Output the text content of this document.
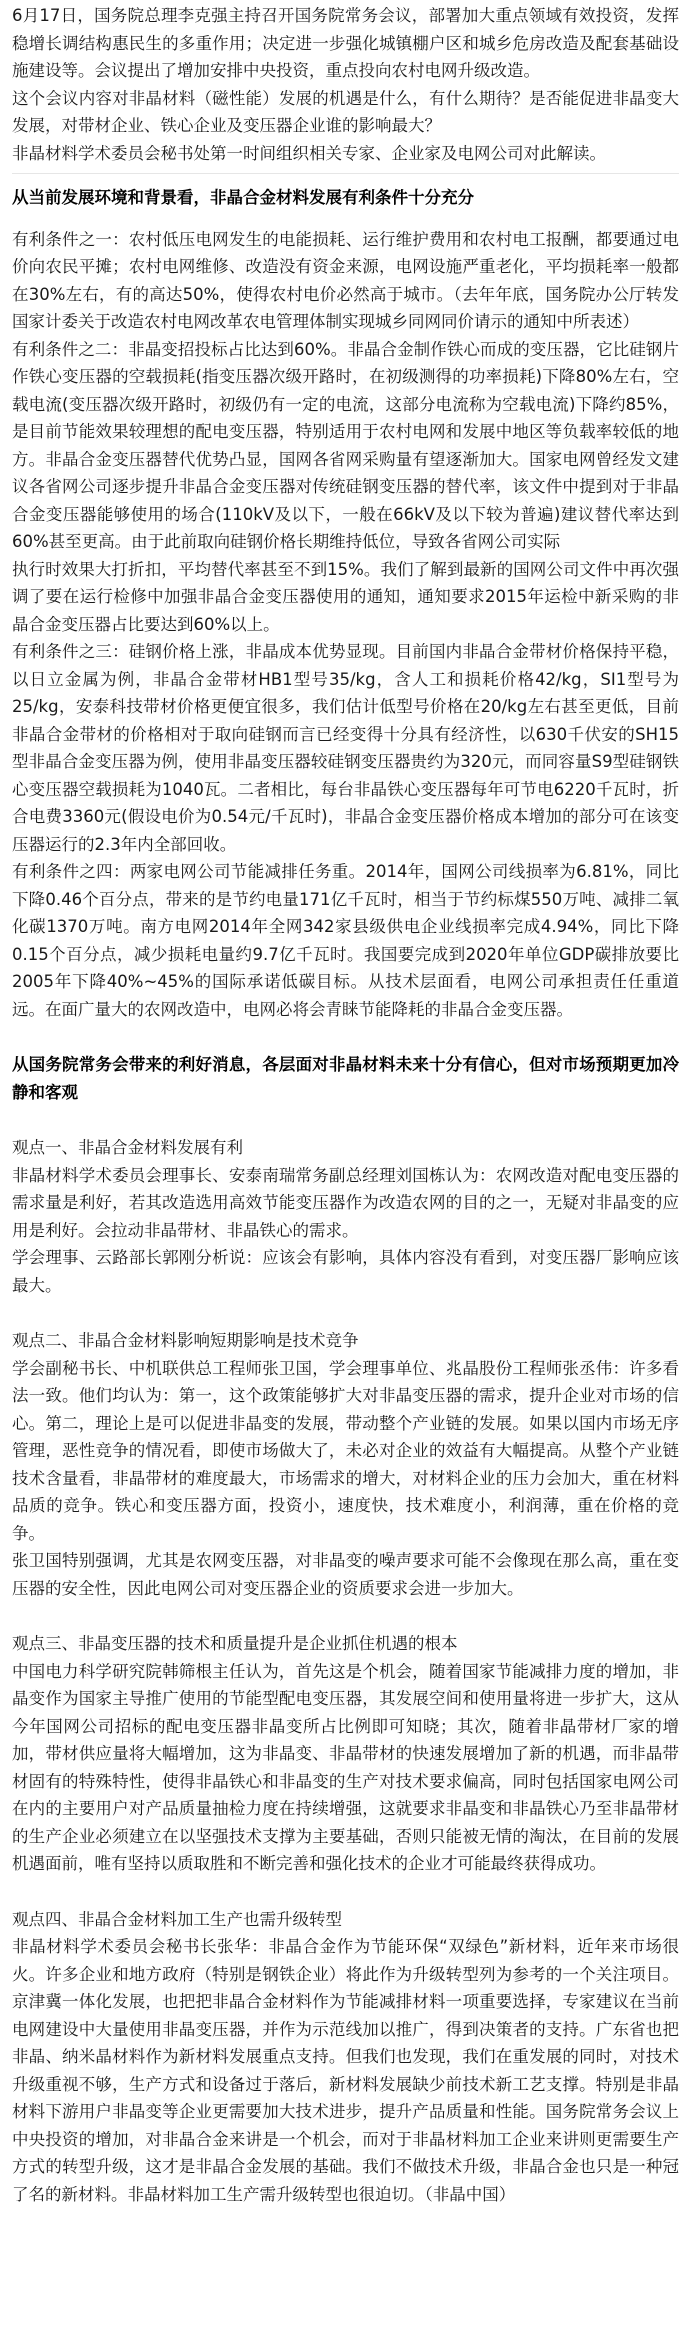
6月17日，国务院总理李克强主持召开国务院常务会议，部署加大重点领域有效投资，发挥稳增长调结构惠民生的多重作用；决定进一步强化城镇棚户区和城乡危房改造及配套基础设施建设等。会议提出了增加安排中央投资，重点投向农村电网升级改造。

这个会议内容对非晶材料（磁性能）发展的机遇是什么，有什么期待？是否能促进非晶变大发展，对带材企业、铁心企业及变压器企业谁的影响最大？

非晶材料学术委员会秘书处第一时间组织相关专家、企业家及电网公司对此解读。

从当前发展环境和背景看，非晶合金材料发展有利条件十分充分

有利条件之一：农村低压电网发生的电能损耗、运行维护费用和农村电工报酬，都要通过电价向农民平摊；农村电网维修、改造没有资金来源，电网设施严重老化，平均损耗率一般都在30%左右，有的高达50%，使得农村电价必然高于城市。（去年年底，国务院办公厅转发国家计委关于改造农村电网改革农电管理体制实现城乡同网同价请示的通知中所表述）

有利条件之二：非晶变招投标占比达到60%。非晶合金制作铁心而成的变压器，它比硅钢片作铁心变压器的空载损耗(指变压器次级开路时，在初级测得的功率损耗)下降80%左右，空载电流(变压器次级开路时，初级仍有一定的电流，这部分电流称为空载电流)下降约85%，是目前节能效果较理想的配电变压器，特别适用于农村电网和发展中地区等负载率较低的地方。非晶合金变压器替代优势凸显，国网各省网采购量有望逐渐加大。国家电网曾经发文建议各省网公司逐步提升非晶合金变压器对传统硅钢变压器的替代率，该文件中提到对于非晶合金变压器能够使用的场合(110kV及以下，一般在66kV及以下较为普遍)建议替代率达到60%甚至更高。由于此前取向硅钢价格长期维持低位，导致各省网公司实际

执行时效果大打折扣，平均替代率甚至不到15%。我们了解到最新的国网公司文件中再次强调了要在运行检修中加强非晶合金变压器使用的通知，通知要求2015年运检中新采购的非晶合金变压器占比要达到60%以上。

有利条件之三：硅钢价格上涨，非晶成本优势显现。目前国内非晶合金带材价格保持平稳，以日立金属为例，非晶合金带材HB1型号35/kg，含人工和损耗价格42/kg，SI1型号为25/kg，安泰科技带材价格更便宜很多，我们估计低型号价格在20/kg左右甚至更低，目前非晶合金带材的价格相对于取向硅钢而言已经变得十分具有经济性，以630千伏安的SH15型非晶合金变压器为例，使用非晶变压器较硅钢变压器贵约为320元，而同容量S9型硅钢铁心变压器空载损耗为1040瓦。二者相比，每台非晶铁心变压器每年可节电6220千瓦时，折合电费3360元(假设电价为0.54元/千瓦时)，非晶合金变压器价格成本增加的部分可在该变压器运行的2.3年内全部回收。

有利条件之四：两家电网公司节能减排任务重。2014年，国网公司线损率为6.81%，同比下降0.46个百分点，带来的是节约电量171亿千瓦时，相当于节约标煤550万吨、减排二氧化碳1370万吨。南方电网2014年全网342家县级供电企业线损率完成4.94%，同比下降0.15个百分点，减少损耗电量约9.7亿千瓦时。我国要完成到2020年单位GDP碳排放要比2005年下降40%~45%的国际承诺低碳目标。从技术层面看，电网公司承担责任任重道远。在面广量大的农网改造中，电网必将会青睐节能降耗的非晶合金变压器。

从国务院常务会带来的利好消息，各层面对非晶材料未来十分有信心，但对市场预期更加冷静和客观

观点一、非晶合金材料发展有利

非晶材料学术委员会理事长、安泰南瑞常务副总经理刘国栋认为：农网改造对配电变压器的需求量是利好，若其改造选用高效节能变压器作为改造农网的目的之一，无疑对非晶变的应用是利好。会拉动非晶带材、非晶铁心的需求。

学会理事、云路部长郭刚分析说：应该会有影响，具体内容没有看到，对变压器厂影响应该最大。

观点二、非晶合金材料影响短期影响是技术竞争

学会副秘书长、中机联供总工程师张卫国，学会理事单位、兆晶股份工程师张丞伟：许多看法一致。他们均认为：第一，这个政策能够扩大对非晶变压器的需求，提升企业对市场的信心。第二，理论上是可以促进非晶变的发展，带动整个产业链的发展。如果以国内市场无序管理，恶性竞争的情况看，即使市场做大了，未必对企业的效益有大幅提高。从整个产业链技术含量看，非晶带材的难度最大，市场需求的增大，对材料企业的压力会加大，重在材料品质的竞争。铁心和变压器方面，投资小，速度快，技术难度小，利润薄，重在价格的竞争。

张卫国特别强调，尤其是农网变压器，对非晶变的噪声要求可能不会像现在那么高，重在变压器的安全性，因此电网公司对变压器企业的资质要求会进一步加大。

观点三、非晶变压器的技术和质量提升是企业抓住机遇的根本

中国电力科学研究院韩筛根主任认为，首先这是个机会，随着国家节能减排力度的增加，非晶变作为国家主导推广使用的节能型配电变压器，其发展空间和使用量将进一步扩大，这从今年国网公司招标的配电变压器非晶变所占比例即可知晓；其次，随着非晶带材厂家的增加，带材供应量将大幅增加，这为非晶变、非晶带材的快速发展增加了新的机遇，而非晶带材固有的特殊特性，使得非晶铁心和非晶变的生产对技术要求偏高，同时包括国家电网公司在内的主要用户对产品质量抽检力度在持续增强，这就要求非晶变和非晶铁心乃至非晶带材的生产企业必须建立在以坚强技术支撑为主要基础，否则只能被无情的淘汰，在目前的发展机遇面前，唯有坚持以质取胜和不断完善和强化技术的企业才可能最终获得成功。

观点四、非晶合金材料加工生产也需升级转型

非晶材料学术委员会秘书长张华：非晶合金作为节能环保“双绿色”新材料，近年来市场很火。许多企业和地方政府（特别是钢铁企业）将此作为升级转型列为参考的一个关注项目。京津冀一体化发展，也把把非晶合金材料作为节能减排材料一项重要选择，专家建议在当前电网建设中大量使用非晶变压器，并作为示范线加以推广，得到决策者的支持。广东省也把非晶、纳米晶材料作为新材料发展重点支持。但我们也发现，我们在重发展的同时，对技术升级重视不够，生产方式和设备过于落后，新材料发展缺少前技术新工艺支撑。特别是非晶材料下游用户非晶变等企业更需要加大技术进步，提升产品质量和性能。国务院常务会议上中央投资的增加，对非晶合金来讲是一个机会，而对于非晶材料加工企业来讲则更需要生产方式的转型升级，这才是非晶合金发展的基础。我们不做技术升级，非晶合金也只是一种冠了名的新材料。非晶材料加工生产需升级转型也很迫切。（非晶中国）
